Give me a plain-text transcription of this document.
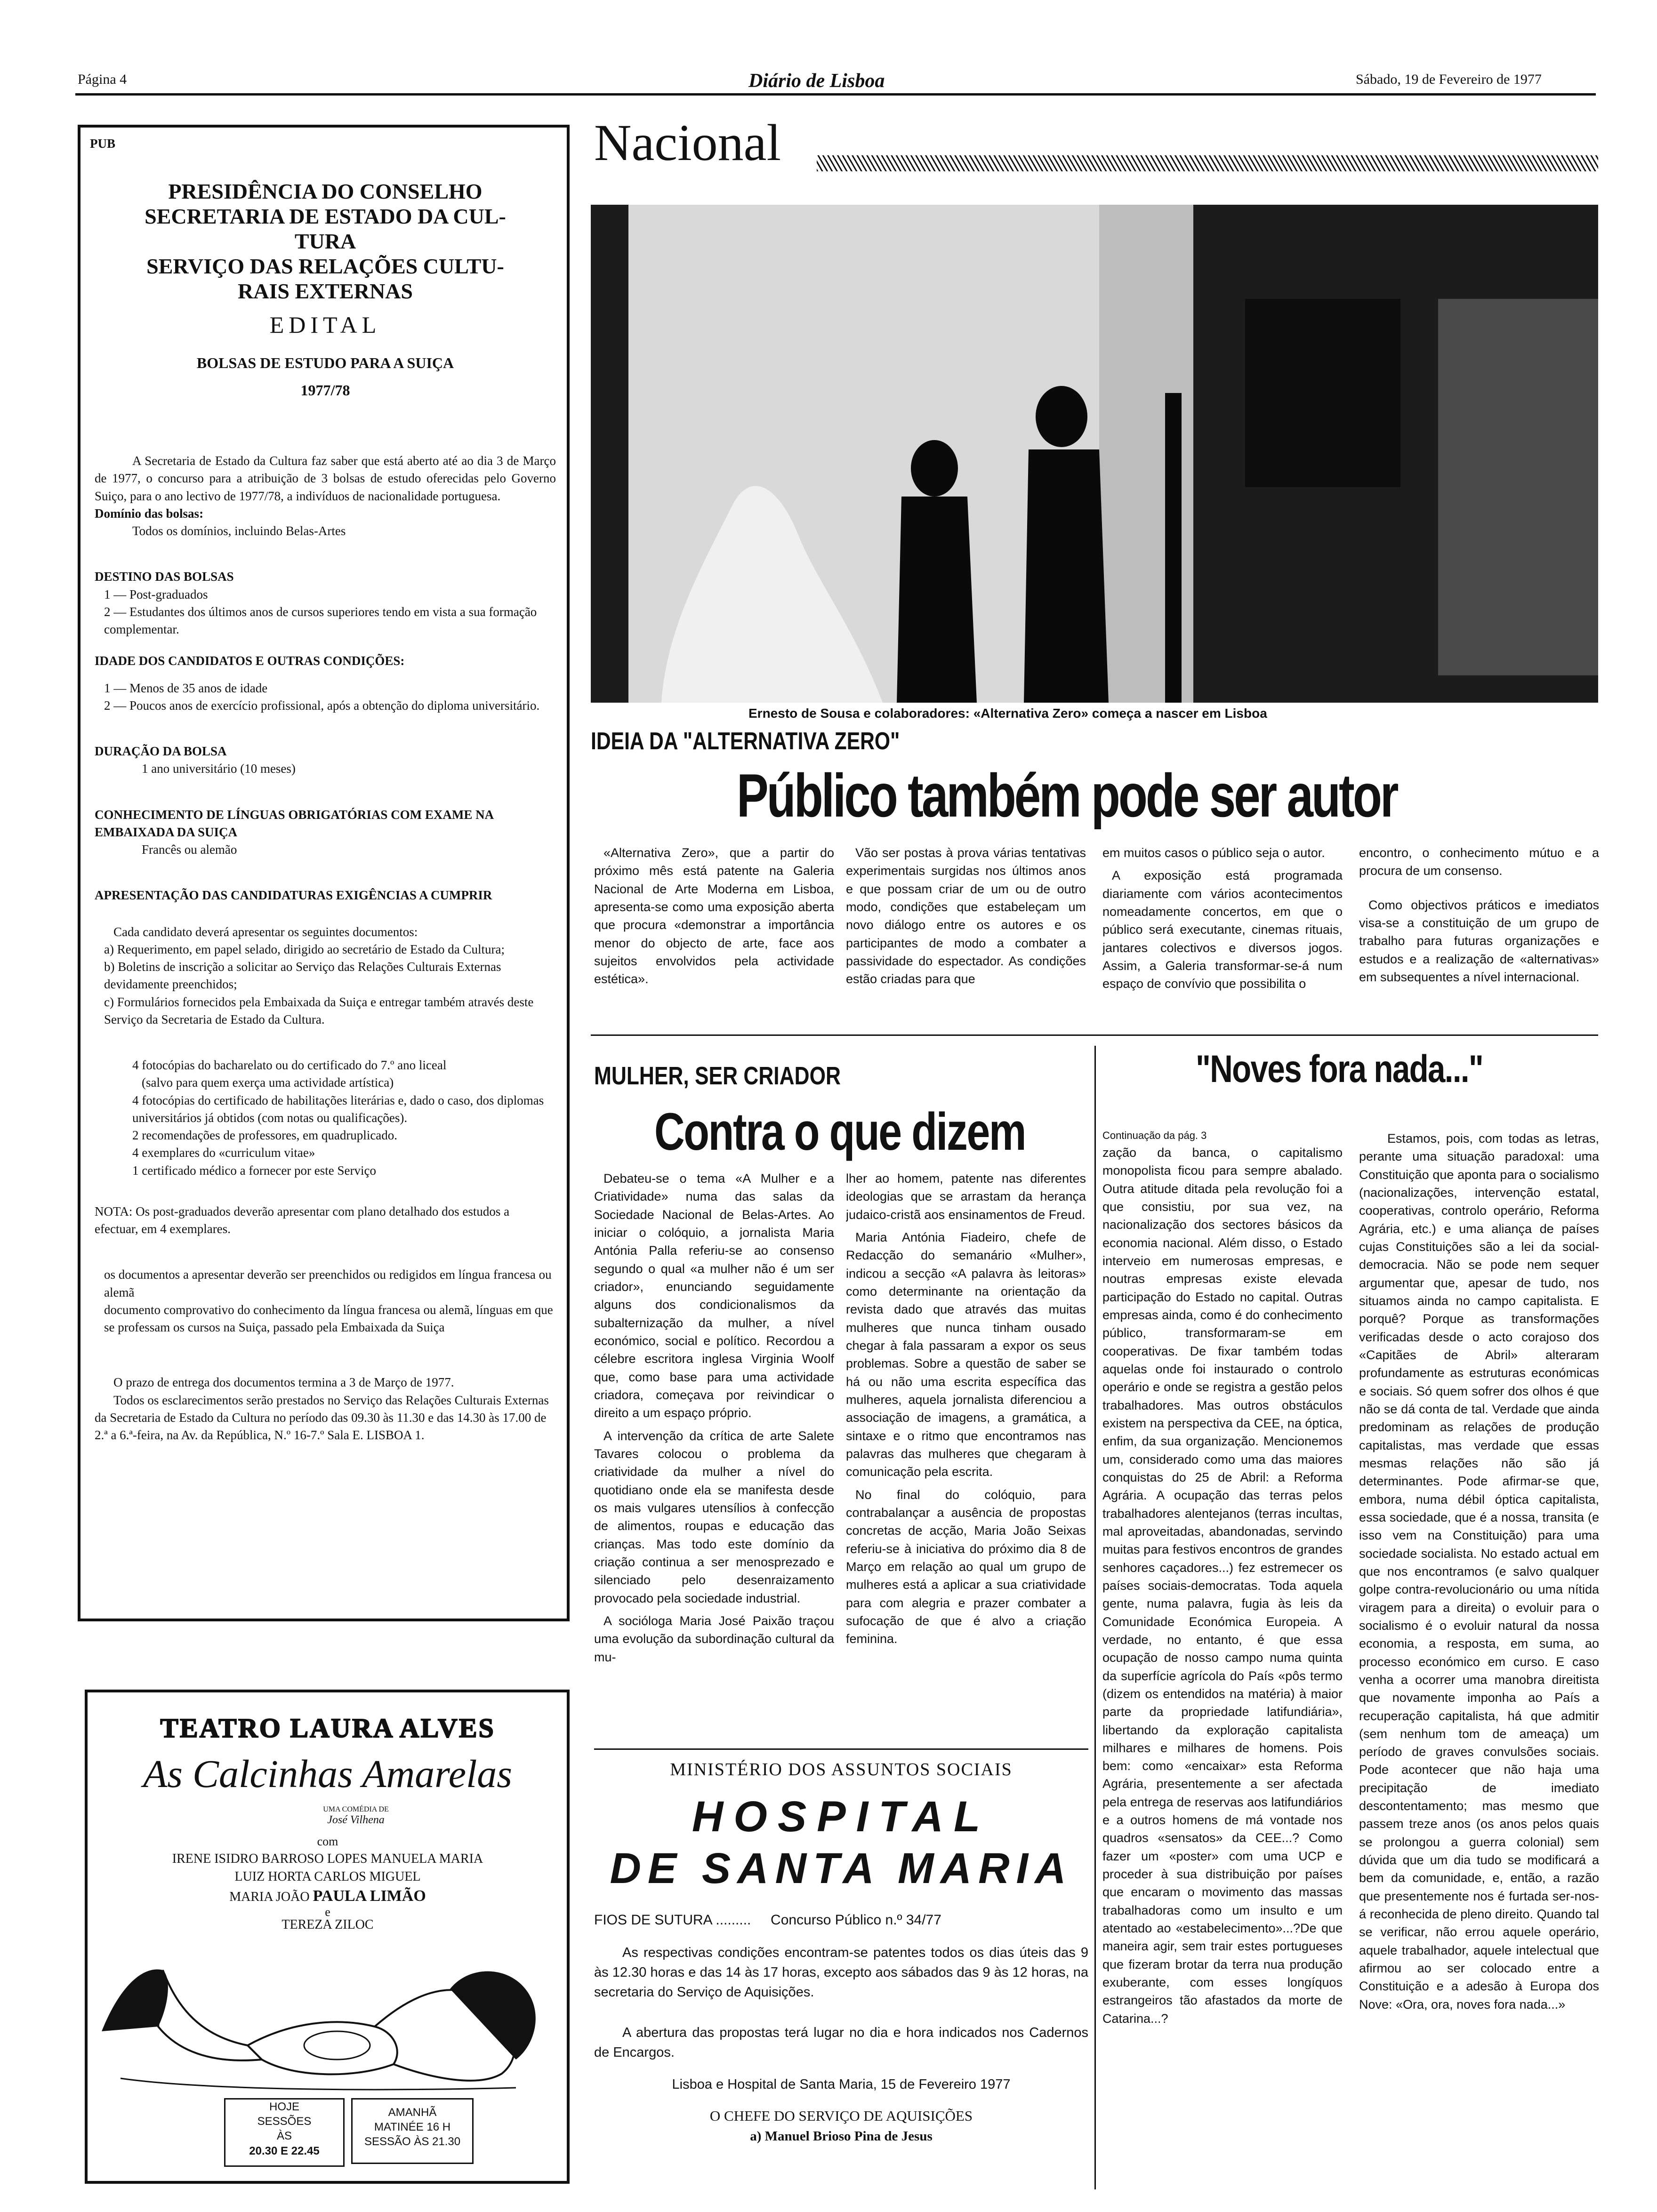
Página 4	Diário de Lisboa	Sábado, 19 de Fevereiro de 1977
PUB
PRESIDÊNCIA DO CONSELHO
SECRETARIA DE ESTADO DA CUL-
TURA
SERVIÇO DAS RELAÇÕES CULTU-
RAIS EXTERNAS
EDITAL
BOLSAS DE ESTUDO PARA A SUIÇA
1977/78

A Secretaria de Estado da Cultura faz saber que está aberto até ao dia 3 de Março de 1977, o concurso para a atribuição de 3 bolsas de estudo oferecidas pelo Governo Suiço, para o ano lectivo de 1977/78, a indivíduos de nacionalidade portuguesa.

Domínio das bolsas:

Todos os domínios, incluindo Belas-Artes

DESTINO DAS BOLSAS

1 — Post-graduados

2 — Estudantes dos últimos anos de cursos superiores tendo em vista a sua formação complementar.

IDADE DOS CANDIDATOS E OUTRAS CONDIÇÕES:

1 — Menos de 35 anos de idade

2 — Poucos anos de exercício profissional, após a obtenção do diploma universitário.

DURAÇÃO DA BOLSA

1 ano universitário (10 meses)

CONHECIMENTO DE LÍNGUAS OBRIGATÓRIAS COM EXAME NA EMBAIXADA DA SUIÇA

Francês ou alemão

APRESENTAÇÃO DAS CANDIDATURAS EXIGÊNCIAS A CUMPRIR

Cada candidato deverá apresentar os seguintes documentos:

a) Requerimento, em papel selado, dirigido ao secretário de Estado da Cultura;

b) Boletins de inscrição a solicitar ao Serviço das Relações Culturais Externas devidamente preenchidos;

c) Formulários fornecidos pela Embaixada da Suiça e entregar também através deste Serviço da Secretaria de Estado da Cultura.

4 fotocópias do bacharelato ou do certificado do 7.º ano liceal

(salvo para quem exerça uma actividade artística)

4 fotocópias do certificado de habilitações literárias e, dado o caso, dos diplomas universitários já obtidos (com notas ou qualificações).

2 recomendações de professores, em quadruplicado.

4 exemplares do «curriculum vitae»

1 certificado médico a fornecer por este Serviço

NOTA: Os post-graduados deverão apresentar com plano detalhado dos estudos a efectuar, em 4 exemplares.

os documentos a apresentar deverão ser preenchidos ou redigidos em língua francesa ou alemã

documento comprovativo do conhecimento da língua francesa ou alemã, línguas em que se professam os cursos na Suiça, passado pela Embaixada da Suiça

O prazo de entrega dos documentos termina a 3 de Março de 1977.

Todos os esclarecimentos serão prestados no Serviço das Relações Culturais Externas da Secretaria de Estado da Cultura no período das 09.30 às 11.30 e das 14.30 às 17.00 de 2.ª a 6.ª-feira, na Av. da República, N.º 16-7.º Sala E. LISBOA 1.

TEATRO LAURA ALVES
As Calcinhas Amarelas
UMA COMÉDIA DE
José Vilhena
com
IRENE ISIDRO BARROSO LOPES MANUELA MARIA
LUIZ HORTA CARLOS MIGUEL
MARIA JOÃO PAULA LIMÃO
e
TEREZA ZILOC
HOJE
SESSÕES
ÀS
20.30 E 22.45
AMANHÃ
MATINÉE 16 H
SESSÃO ÀS 21.30
Nacional
Ernesto de Sousa e colaboradores: «Alternativa Zero» começa a nascer em Lisboa
IDEIA DA "ALTERNATIVA ZERO"
Público também pode ser autor

«Alternativa Zero», que a partir do próximo mês está patente na Galeria Nacional de Arte Moderna em Lisboa, apresenta-se como uma exposição aberta que procura «demonstrar a importância menor do objecto de arte, face aos sujeitos envolvidos pela actividade estética».

Vão ser postas à prova várias tentativas experimentais surgidas nos últimos anos e que possam criar de um ou de outro modo, condições que estabeleçam um novo diálogo entre os autores e os participantes de modo a combater a passividade do espectador. As condições estão criadas para que

em muitos casos o público seja o autor.

A exposição está programada diariamente com vários acontecimentos nomeadamente concertos, em que o público será executante, cinemas rituais, jantares colectivos e diversos jogos. Assim, a Galeria transformar-se-á num espaço de convívio que possibilita o

encontro, o conhecimento mútuo e a procura de um consenso.

Como objectivos práticos e imediatos visa-se a constituição de um grupo de trabalho para futuras organizações e estudos e a realização de «alternativas» em subsequentes a nível internacional.

MULHER, SER CRIADOR
Contra o que dizem

Debateu-se o tema «A Mulher e a Criatividade» numa das salas da Sociedade Nacional de Belas-Artes. Ao iniciar o colóquio, a jornalista Maria Antónia Palla referiu-se ao consenso segundo o qual «a mulher não é um ser criador», enunciando seguidamente alguns dos condicionalismos da subalternização da mulher, a nível económico, social e político. Recordou a célebre escritora inglesa Virginia Woolf que, como base para uma actividade criadora, começava por reivindicar o direito a um espaço próprio.

A intervenção da crítica de arte Salete Tavares colocou o problema da criatividade da mulher a nível do quotidiano onde ela se manifesta desde os mais vulgares utensílios à confecção de alimentos, roupas e educação das crianças. Mas todo este domínio da criação continua a ser menosprezado e silenciado pelo desenraizamento provocado pela sociedade industrial.

A socióloga Maria José Paixão traçou uma evolução da subordinação cultural da mu-

lher ao homem, patente nas diferentes ideologias que se arrastam da herança judaico-cristã aos ensinamentos de Freud.

Maria Antónia Fiadeiro, chefe de Redacção do semanário «Mulher», indicou a secção «A palavra às leitoras» como determinante na orientação da revista dado que através das muitas mulheres que nunca tinham ousado chegar à fala passaram a expor os seus problemas. Sobre a questão de saber se há ou não uma escrita específica das mulheres, aquela jornalista diferenciou a associação de imagens, a gramática, a sintaxe e o ritmo que encontramos nas palavras das mulheres que chegaram à comunicação pela escrita.

No final do colóquio, para contrabalançar a ausência de propostas concretas de acção, Maria João Seixas referiu-se à iniciativa do próximo dia 8 de Março em relação ao qual um grupo de mulheres está a aplicar a sua criatividade para com alegria e prazer combater a sufocação de que é alvo a criação feminina.

MINISTÉRIO DOS ASSUNTOS SOCIAIS
HOSPITAL
DE SANTA MARIA
FIOS DE SUTURA .........     Concurso Público n.º 34/77
As respectivas condições encontram-se patentes todos os dias úteis das 9 às 12.30 horas e das 14 às 17 horas, excepto aos sábados das 9 às 12 horas, na secretaria do Serviço de Aquisições.
A abertura das propostas terá lugar no dia e hora indicados nos Cadernos de Encargos.
Lisboa e Hospital de Santa Maria, 15 de Fevereiro 1977
O CHEFE DO SERVIÇO DE AQUISIÇÕES
a) Manuel Brioso Pina de Jesus
"Noves fora nada..."
Continuação da pág. 3

zação da banca, o capitalismo monopolista ficou para sempre abalado. Outra atitude ditada pela revolução foi a que consistiu, por sua vez, na nacionalização dos sectores básicos da economia nacional. Além disso, o Estado interveio em numerosas empresas, e noutras empresas existe elevada participação do Estado no capital. Outras empresas ainda, como é do conhecimento público, transformaram-se em cooperativas. De fixar também todas aquelas onde foi instaurado o controlo operário e onde se registra a gestão pelos trabalhadores. Mas outros obstáculos existem na perspectiva da CEE, na óptica, enfim, da sua organização. Mencionemos um, considerado como uma das maiores conquistas do 25 de Abril: a Reforma Agrária. A ocupação das terras pelos trabalhadores alentejanos (terras incultas, mal aproveitadas, abandonadas, servindo muitas para festivos encontros de grandes senhores caçadores...) fez estremecer os países sociais-democratas. Toda aquela gente, numa palavra, fugia às leis da Comunidade Económica Europeia. A verdade, no entanto, é que essa ocupação de nosso campo numa quinta da superfície agrícola do País «pôs termo (dizem os entendidos na matéria) à maior parte da propriedade latifundiária», libertando da exploração capitalista milhares e milhares de homens. Pois bem: como «encaixar» esta Reforma Agrária, presentemente a ser afectada pela entrega de reservas aos latifundiários e a outros homens de má vontade nos quadros «sensatos» da CEE...? Como fazer um «poster» com uma UCP e proceder à sua distribuição por países que encaram o movimento das massas trabalhadoras como um insulto e um atentado ao «estabelecimento»...?De que maneira agir, sem trair estes portugueses que fizeram brotar da terra nua produção exuberante, com esses longíquos estrangeiros tão afastados da morte de Catarina...?

Estamos, pois, com todas as letras, perante uma situação paradoxal: uma Constituição que aponta para o socialismo (nacionalizações, intervenção estatal, cooperativas, controlo operário, Reforma Agrária, etc.) e uma aliança de países cujas Constituições são a lei da social-democracia. Não se pode nem sequer argumentar que, apesar de tudo, nos situamos ainda no campo capitalista. E porquê? Porque as transformações verificadas desde o acto corajoso dos «Capitães de Abril» alteraram profundamente as estruturas económicas e sociais. Só quem sofrer dos olhos é que não se dá conta de tal. Verdade que ainda predominam as relações de produção capitalistas, mas verdade que essas mesmas relações não são já determinantes. Pode afirmar-se que, embora, numa débil óptica capitalista, essa sociedade, que é a nossa, transita (e isso vem na Constituição) para uma sociedade socialista. No estado actual em que nos encontramos (e salvo qualquer golpe contra-revolucionário ou uma nítida viragem para a direita) o evoluir para o socialismo é o evoluir natural da nossa economia, a resposta, em suma, ao processo económico em curso. E caso venha a ocorrer uma manobra direitista que novamente imponha ao País a recuperação capitalista, há que admitir (sem nenhum tom de ameaça) um período de graves convulsões sociais. Pode acontecer que não haja uma precipitação de imediato descontentamento; mas mesmo que passem treze anos (os anos pelos quais se prolongou a guerra colonial) sem dúvida que um dia tudo se modificará a bem da comunidade, e, então, a razão que presentemente nos é furtada ser-nos-á reconhecida de pleno direito. Quando tal se verificar, não errou aquele operário, aquele trabalhador, aquele intelectual que afirmou ao ser colocado entre a Constituição e a adesão à Europa dos Nove: «Ora, ora, noves fora nada...»
